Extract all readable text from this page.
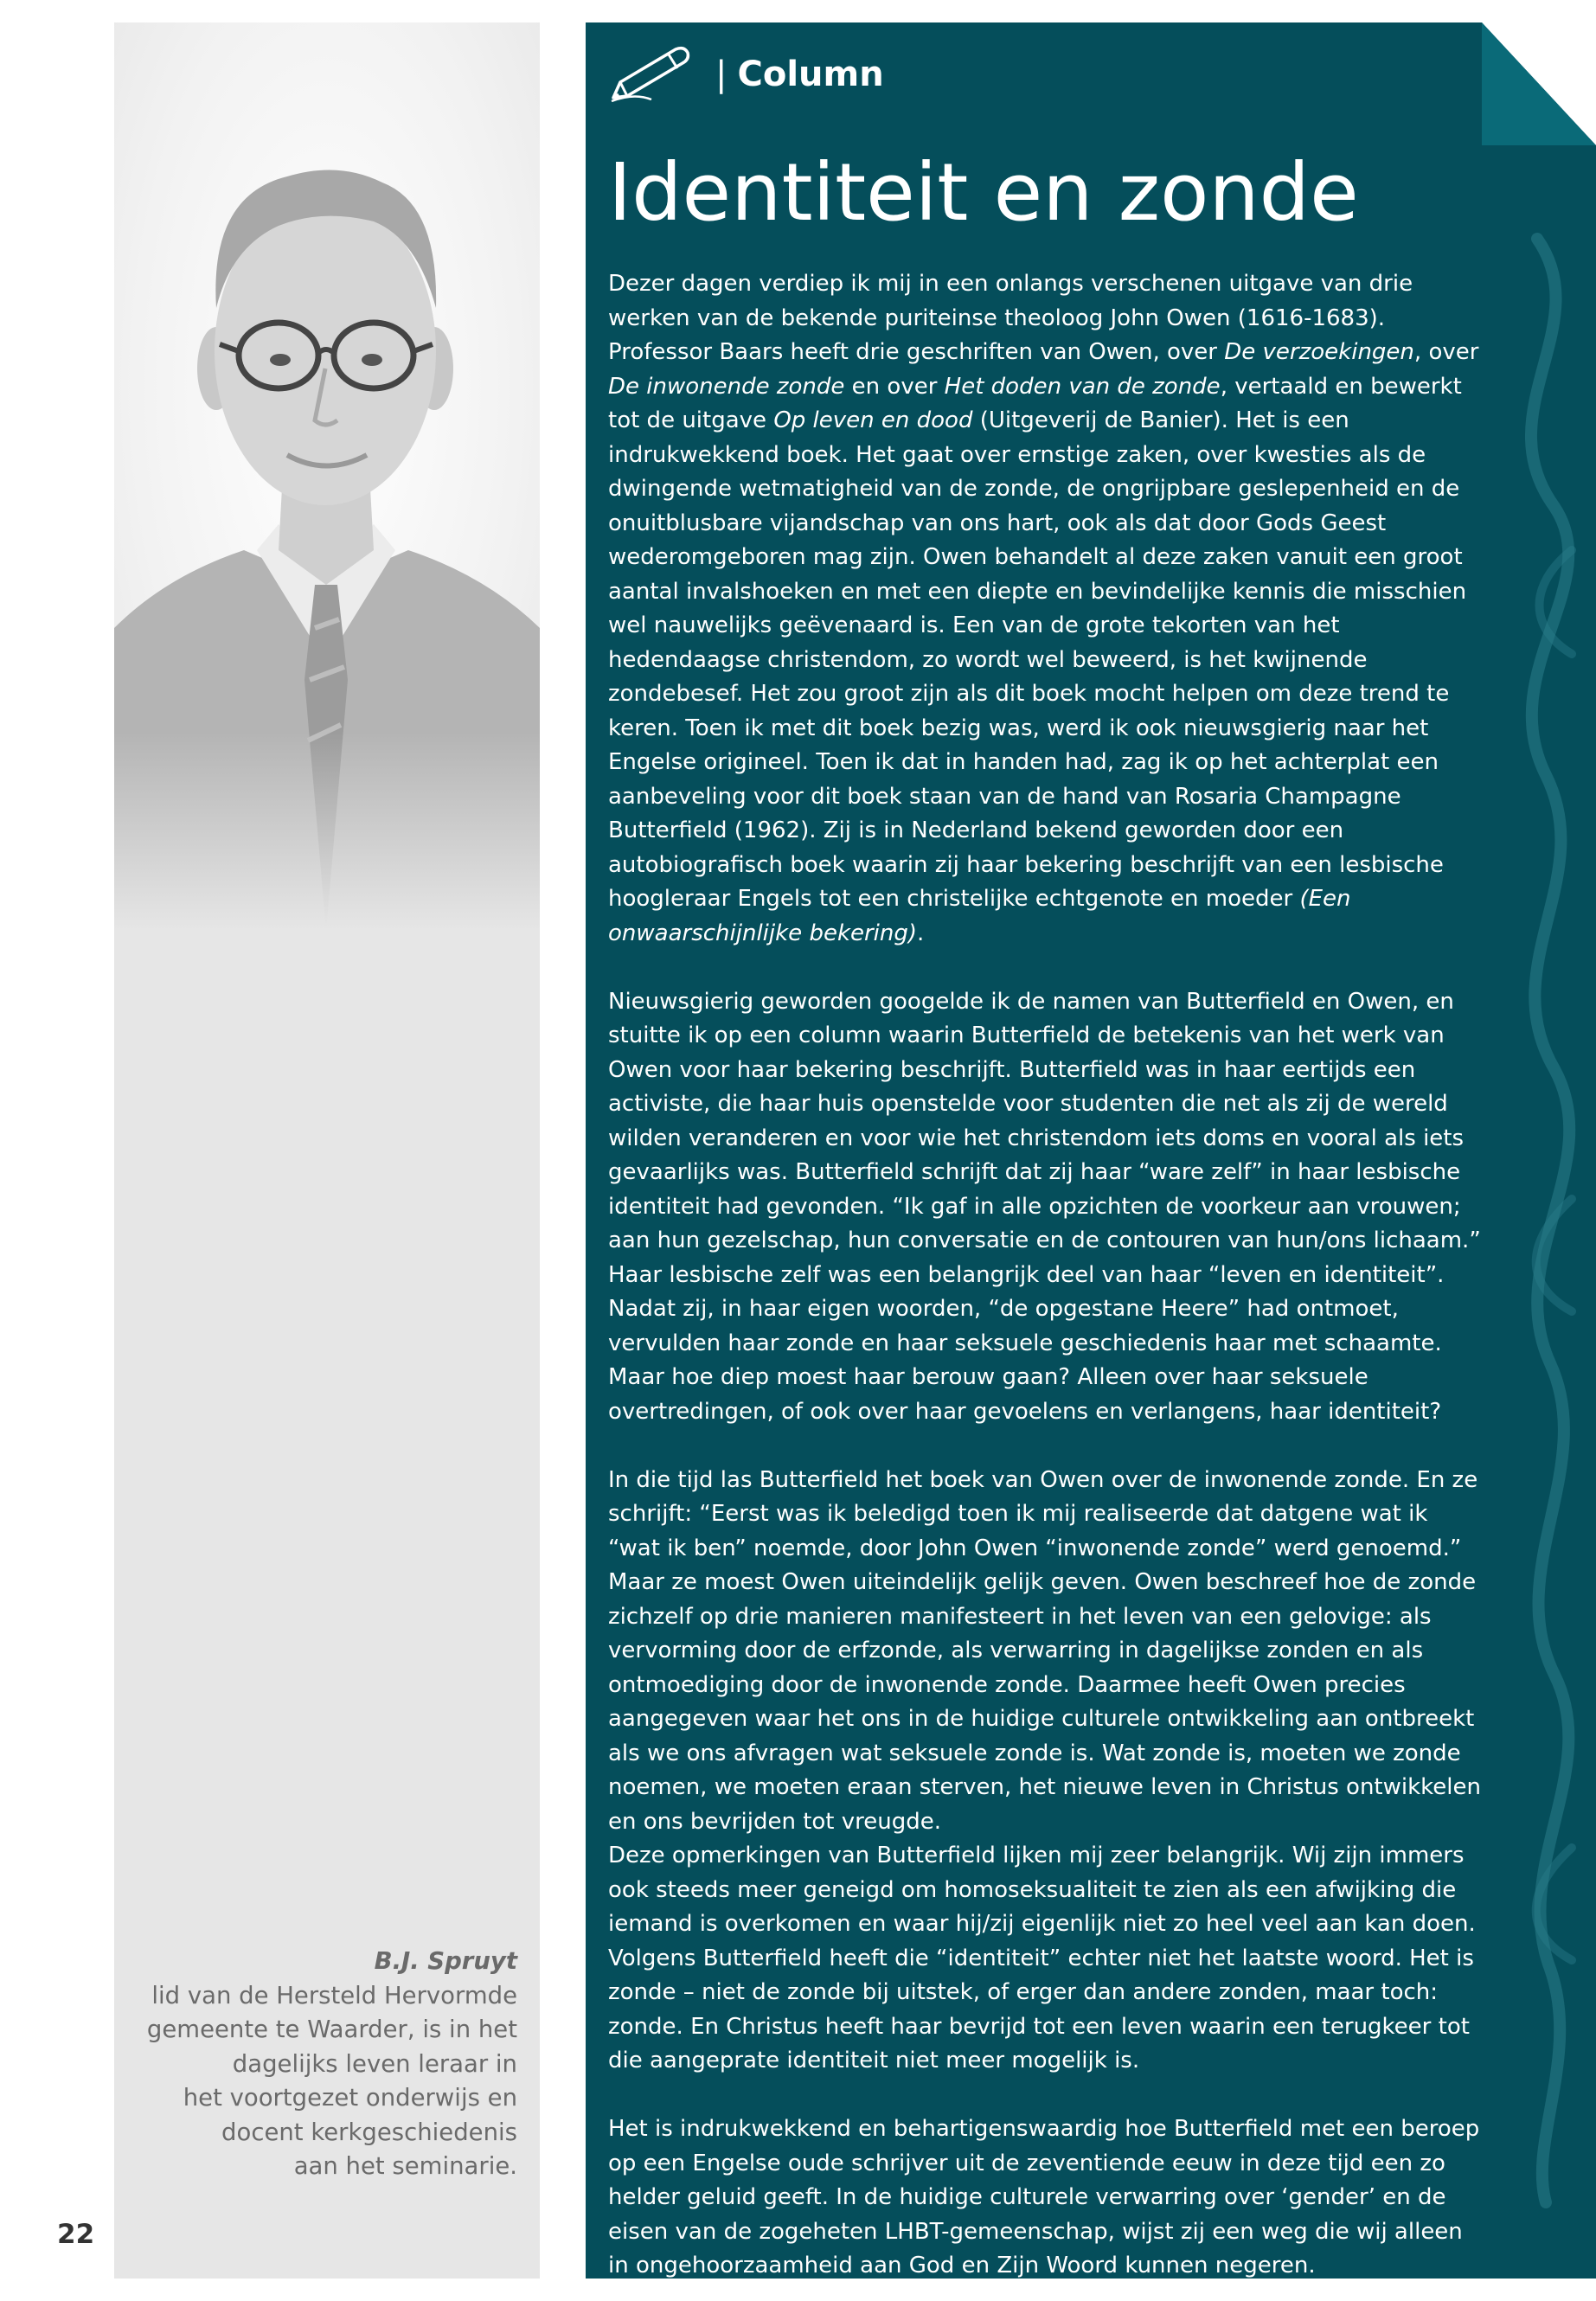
B.J. Spruyt
lid van de Hersteld Hervormde
gemeente te Waarder, is in het
dagelijks leven leraar in
het voortgezet onderwijs en
docent kerkgeschiedenis
aan het seminarie.
22
| Column
Identiteit en zonde

Dezer dagen verdiep ik mij in een onlangs verschenen uitgave van drie werken van de bekende puriteinse theoloog John Owen (1616-1683). Professor Baars heeft drie geschriften van Owen, over De verzoekingen, over De inwonende zonde en over Het doden van de zonde, vertaald en bewerkt tot de uitgave Op leven en dood (Uitgeverij de Banier). Het is een indrukwekkend boek. Het gaat over ernstige zaken, over kwesties als de dwingende wetmatigheid van de zonde, de ongrijpbare geslepenheid en de onuitblusbare vijandschap van ons hart, ook als dat door Gods Geest wederomgeboren mag zijn. Owen behandelt al deze zaken vanuit een groot aantal invalshoeken en met een diepte en bevindelijke kennis die misschien wel nauwelijks geëvenaard is. Een van de grote tekorten van het hedendaagse christendom, zo wordt wel beweerd, is het kwijnende zondebesef. Het zou groot zijn als dit boek mocht helpen om deze trend te keren. Toen ik met dit boek bezig was, werd ik ook nieuwsgierig naar het Engelse origineel. Toen ik dat in handen had, zag ik op het achterplat een aanbeveling voor dit boek staan van de hand van Rosaria Champagne Butterfield (1962). Zij is in Nederland bekend geworden door een autobiografisch boek waarin zij haar bekering beschrijft van een lesbische hoogleraar Engels tot een christelijke echtgenote en moeder (Een onwaarschijnlijke bekering).

Nieuwsgierig geworden googelde ik de namen van Butterfield en Owen, en stuitte ik op een column waarin Butterfield de betekenis van het werk van Owen voor haar bekering beschrijft. Butterfield was in haar eertijds een activiste, die haar huis openstelde voor studenten die net als zij de wereld wilden veranderen en voor wie het christendom iets doms en vooral als iets gevaarlijks was. Butterfield schrijft dat zij haar “ware zelf” in haar lesbische identiteit had gevonden. “Ik gaf in alle opzichten de voorkeur aan vrouwen; aan hun gezelschap, hun conversatie en de contouren van hun/ons lichaam.” Haar lesbische zelf was een belangrijk deel van haar “leven en identiteit”. Nadat zij, in haar eigen woorden, “de opgestane Heere” had ontmoet, vervulden haar zonde en haar seksuele geschiedenis haar met schaamte. Maar hoe diep moest haar berouw gaan? Alleen over haar seksuele overtredingen, of ook over haar gevoelens en verlangens, haar identiteit?

In die tijd las Butterfield het boek van Owen over de inwonende zonde. En ze schrijft: “Eerst was ik beledigd toen ik mij realiseerde dat datgene wat ik “wat ik ben” noemde, door John Owen “inwonende zonde” werd genoemd.” Maar ze moest Owen uiteindelijk gelijk geven. Owen beschreef hoe de zonde zichzelf op drie manieren manifesteert in het leven van een gelovige: als vervorming door de erfzonde, als verwarring in dagelijkse zonden en als ontmoediging door de inwonende zonde. Daarmee heeft Owen precies aangegeven waar het ons in de huidige culturele ontwikkeling aan ontbreekt als we ons afvragen wat seksuele zonde is. Wat zonde is, moeten we zonde noemen, we moeten eraan sterven, het nieuwe leven in Christus ontwikkelen en ons bevrijden tot vreugde.

Deze opmerkingen van Butterfield lijken mij zeer belangrijk. Wij zijn immers ook steeds meer geneigd om homoseksualiteit te zien als een afwijking die iemand is overkomen en waar hij/zij eigenlijk niet zo heel veel aan kan doen. Volgens Butterfield heeft die “identiteit” echter niet het laatste woord. Het is zonde – niet de zonde bij uitstek, of erger dan andere zonden, maar toch: zonde. En Christus heeft haar bevrijd tot een leven waarin een terugkeer tot die aangeprate identiteit niet meer mogelijk is.

Het is indrukwekkend en behartigenswaardig hoe Butterfield met een beroep op een Engelse oude schrijver uit de zeventiende eeuw in deze tijd een zo helder geluid geeft. In de huidige culturele verwarring over ‘gender’ en de eisen van de zogeheten LHBT-gemeenschap, wijst zij een weg die wij alleen in ongehoorzaamheid aan God en Zijn Woord kunnen negeren.
